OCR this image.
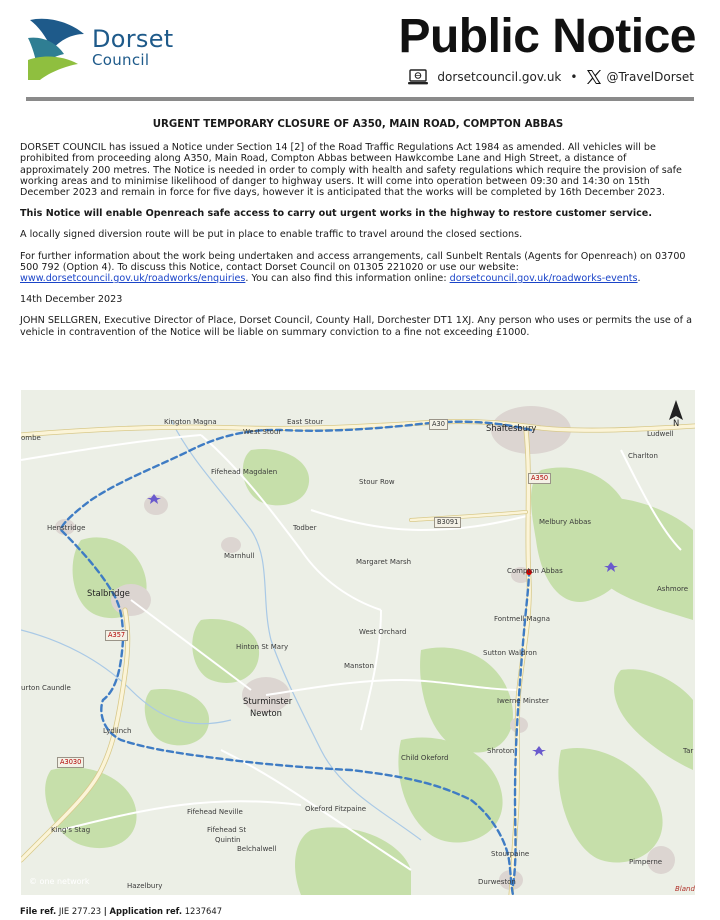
Dorset
Council	Public Notice
dorsetcouncil.gov.uk • @TravelDorset

URGENT TEMPORARY CLOSURE OF A350, MAIN ROAD, COMPTON ABBAS

DORSET COUNCIL has issued a Notice under Section 14 [2] of the Road Traffic Regulations Act 1984 as amended. All vehicles will be prohibited from proceeding along A350, Main Road, Compton Abbas between Hawkcombe Lane and High Street, a distance of approximately 200 metres. The Notice is needed in order to comply with health and safety regulations which require the provision of safe working areas and to minimise likelihood of danger to highway users. It will come into operation between 09:30 and 14:30 on 15th December 2023 and remain in force for five days, however it is anticipated that the works will be completed by 16th December 2023.

This Notice will enable Openreach safe access to carry out urgent works in the highway to restore customer service.

A locally signed diversion route will be put in place to enable traffic to travel around the closed sections.

For further information about the work being undertaken and access arrangements, call Sunbelt Rentals (Agents for Openreach) on 03700 500 792 (Option 4). To discuss this Notice, contact Dorset Council on 01305 221020 or use our website: www.dorsetcouncil.gov.uk/roadworks/enquiries. You can also find this information online: dorsetcouncil.gov.uk/roadworks-events.

14th December 2023

JOHN SELLGREN, Executive Director of Place, Dorset Council, County Hall, Dorchester DT1 1XJ. Any person who uses or permits the use of a vehicle in contravention of the Notice will be liable on summary conviction to a fine not exceeding £1000.

N
Kington Magna
West Stour
East Stour
Shaftesbury
Ludwell
Charlton
ombe
Fifehead Magdalen
Stour Row
Henstridge	Todber
Melbury Abbas
Marnhull
Margaret Marsh
Compton Abbas
Stalbridge
Fontmell Magna
West Orchard
Ashmore
Hinton St Mary
Sutton Waldron
Manston
urton Caundle
Sturminster
Newton
Iwerne Minster
Lydlinch
Shroton	Tar
Child Okeford
Fifehead Neville	Okeford Fitzpaine
King's Stag	Fifehead St
Quintin
Belchalwell
Stourpaine
Pimperne
Hazelbury	Durweston
Bland
A30
A350
B3091
A357
A3030
© one network
File ref. JIE 277.23 | Application ref. 1237647
